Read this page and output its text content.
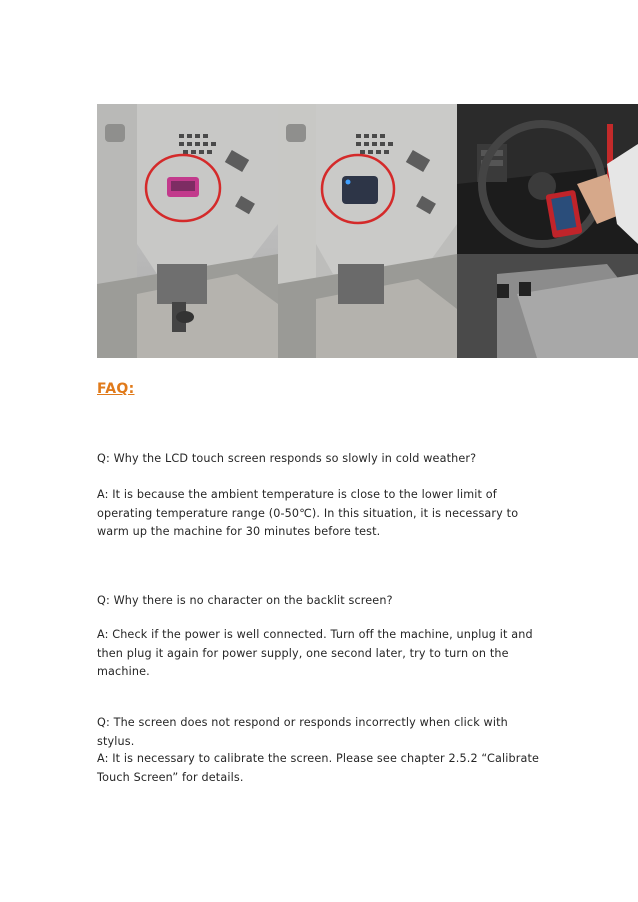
FAQ:
Q: Why the LCD touch screen responds so slowly in cold weather?
A: It is because the ambient temperature is close to the lower limit of operating temperature range (0-50℃). In this situation, it is necessary to warm up the machine for 30 minutes before test.
Q: Why there is no character on the backlit screen?
A: Check if the power is well connected. Turn off the machine, unplug it and then plug it again for power supply, one second later, try to turn on the machine.
Q: The screen does not respond or responds incorrectly when click with stylus.
A: It is necessary to calibrate the screen. Please see chapter 2.5.2 “Calibrate Touch Screen” for details.
